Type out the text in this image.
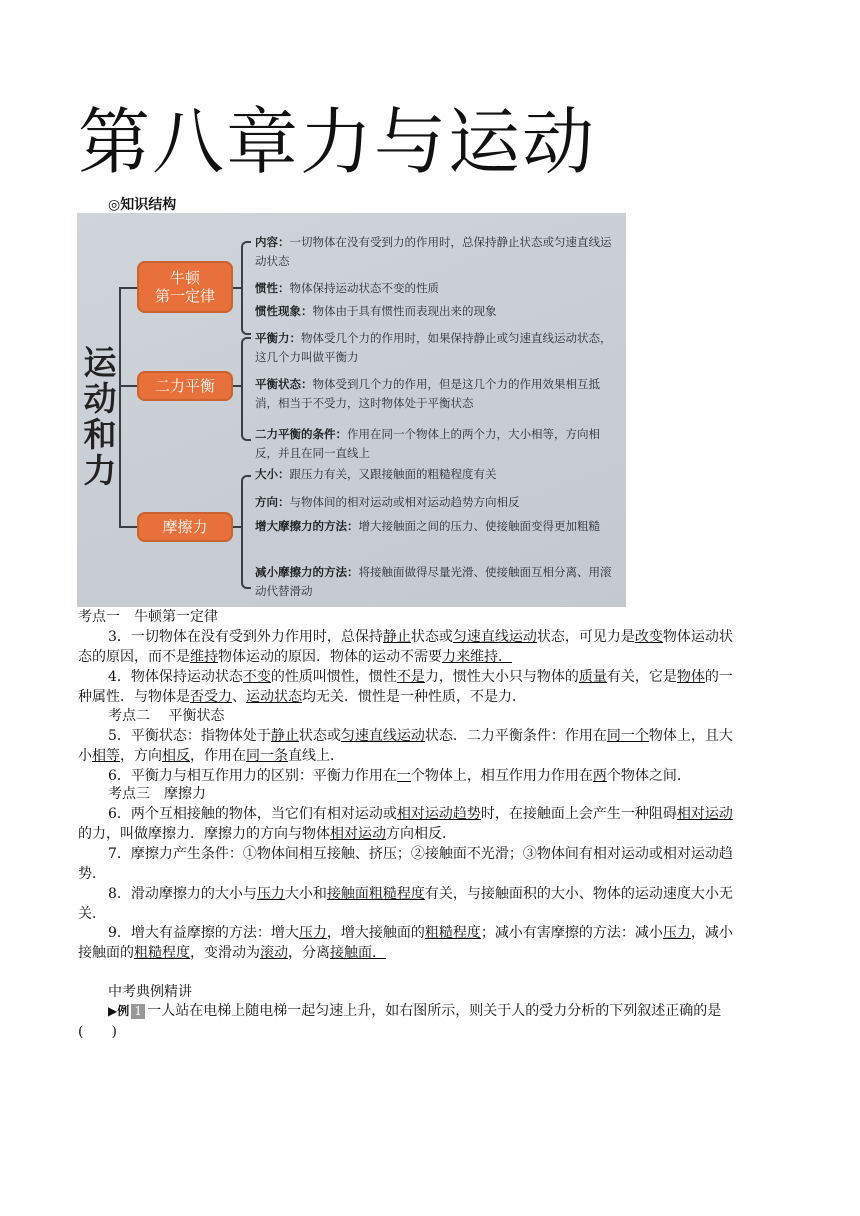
第八章力与运动
◎知识结构
运
动
和
力
牛顿
第一定律
内容：一切物体在没有受到力的作用时，总保持静止状态或匀速直线运动状态
惯性：物体保持运动状态不变的性质
惯性现象：物体由于具有惯性而表现出来的现象
二力平衡
平衡力：物体受几个力的作用时，如果保持静止或匀速直线运动状态，这几个力叫做平衡力
平衡状态：物体受到几个力的作用，但是这几个力的作用效果相互抵消，相当于不受力，这时物体处于平衡状态
二力平衡的条件：作用在同一个物体上的两个力，大小相等，方向相反，并且在同一直线上
摩擦力
大小：跟压力有关，又跟接触面的粗糙程度有关
方向：与物体间的相对运动或相对运动趋势方向相反
增大摩擦力的方法：增大接触面之间的压力、使接触面变得更加粗糙
减小摩擦力的方法：将接触面做得尽量光滑、使接触面互相分离、用滚动代替滑动
考点一　牛顿第一定律
3．一切物体在没有受到外力作用时，总保持静止状态或匀速直线运动状态，可见力是改变物体运动状
态的原因，而不是维持物体运动的原因．物体的运动不需要力来维持．
4．物体保持运动状态不变的性质叫惯性，惯性不是力，惯性大小只与物体的质量有关，它是物体的一
种属性．与物体是否受力、运动状态均无关．惯性是一种性质，不是力．
考点二　 平衡状态
5．平衡状态：指物体处于静止状态或匀速直线运动状态．二力平衡条件：作用在同一个物体上，且大
小相等，方向相反，作用在同一条直线上．
6．平衡力与相互作用力的区别：平衡力作用在一个物体上，相互作用力作用在两个物体之间．
考点三　摩擦力
6．两个互相接触的物体，当它们有相对运动或相对运动趋势时，在接触面上会产生一种阻碍相对运动
的力，叫做摩擦力．摩擦力的方向与物体相对运动方向相反．
7．摩擦力产生条件：①物体间相互接触、挤压；②接触面不光滑；③物体间有相对运动或相对运动趋
势．
8．滑动摩擦力的大小与压力大小和接触面粗糙程度有关，与接触面积的大小、物体的运动速度大小无
关．
9．增大有益摩擦的方法：增大压力，增大接触面的粗糙程度；减小有害摩擦的方法：减小压力，减小
接触面的粗糙程度，变滑动为滚动，分离接触面．
中考典例精讲
▶例 1 一人站在电梯上随电梯一起匀速上升，如右图所示，则关于人的受力分析的下列叙述正确的是
(　　)
